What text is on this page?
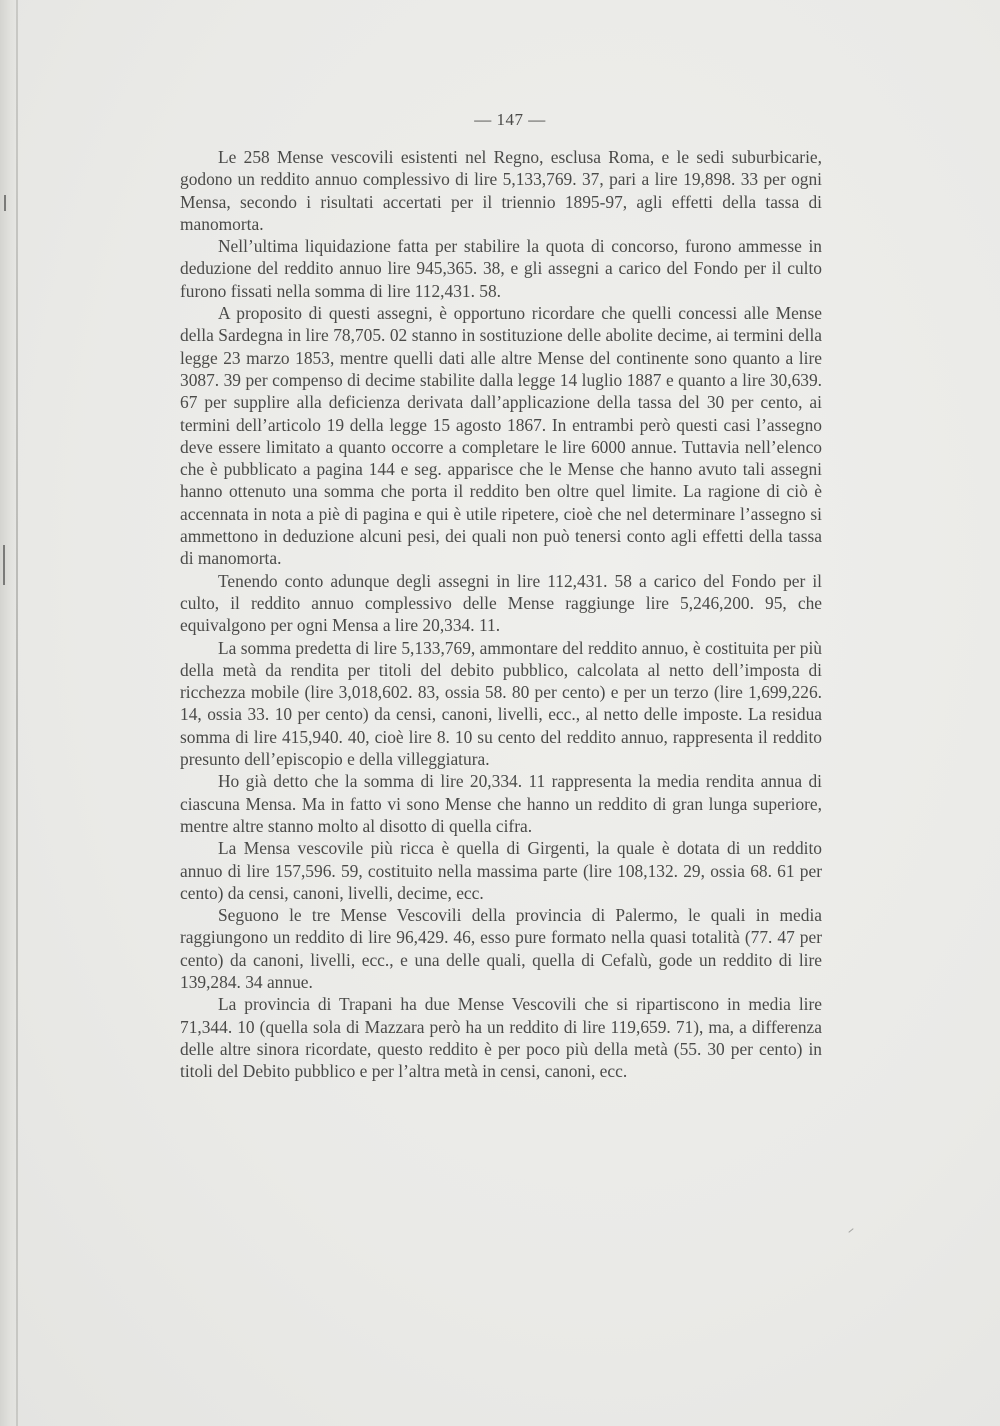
— 147 —

Le 258 Mense vescovili esistenti nel Regno, esclusa Roma, e le sedi suburbicarie, godono un reddito annuo complessivo di lire 5,133,769. 37, pari a lire 19,898. 33 per ogni Mensa, secondo i risultati accertati per il triennio 1895-97, agli effetti della tassa di manomorta.

Nell’ultima liquidazione fatta per stabilire la quota di concorso, furono ammesse in deduzione del reddito annuo lire 945,365. 38, e gli assegni a carico del Fondo per il culto furono fissati nella somma di lire 112,431. 58.

A proposito di questi assegni, è opportuno ricordare che quelli concessi alle Mense della Sardegna in lire 78,705. 02 stanno in sostituzione delle abolite decime, ai termini della legge 23 marzo 1853, mentre quelli dati alle altre Mense del continente sono quanto a lire 3087. 39 per compenso di decime stabilite dalla legge 14 luglio 1887 e quanto a lire 30,639. 67 per supplire alla deficienza derivata dall’applicazione della tassa del 30 per cento, ai termini dell’articolo 19 della legge 15 agosto 1867. In entrambi però questi casi l’assegno deve essere limitato a quanto occorre a completare le lire 6000 annue. Tuttavia nell’elenco che è pubblicato a pagina 144 e seg. apparisce che le Mense che hanno avuto tali assegni hanno ottenuto una somma che porta il reddito ben oltre quel limite. La ragione di ciò è accennata in nota a piè di pagina e qui è utile ripetere, cioè che nel determinare l’assegno si ammettono in deduzione alcuni pesi, dei quali non può tenersi conto agli effetti della tassa di manomorta.

Tenendo conto adunque degli assegni in lire 112,431. 58 a carico del Fondo per il culto, il reddito annuo complessivo delle Mense raggiunge lire 5,246,200. 95, che equivalgono per ogni Mensa a lire 20,334. 11.

La somma predetta di lire 5,133,769, ammontare del reddito annuo, è costituita per più della metà da rendita per titoli del debito pubblico, calcolata al netto dell’imposta di ricchezza mobile (lire 3,018,602. 83, ossia 58. 80 per cento) e per un terzo (lire 1,699,226. 14, ossia 33. 10 per cento) da censi, canoni, livelli, ecc., al netto delle imposte. La residua somma di lire 415,940. 40, cioè lire 8. 10 su cento del reddito annuo, rappresenta il reddito presunto dell’episcopio e della villeggiatura.

Ho già detto che la somma di lire 20,334. 11 rappresenta la media rendita annua di ciascuna Mensa. Ma in fatto vi sono Mense che hanno un reddito di gran lunga superiore, mentre altre stanno molto al disotto di quella cifra.

La Mensa vescovile più ricca è quella di Girgenti, la quale è dotata di un reddito annuo di lire 157,596. 59, costituito nella massima parte (lire 108,132. 29, ossia 68. 61 per cento) da censi, canoni, livelli, decime, ecc.

Seguono le tre Mense Vescovili della provincia di Palermo, le quali in media raggiungono un reddito di lire 96,429. 46, esso pure formato nella quasi totalità (77. 47 per cento) da canoni, livelli, ecc., e una delle quali, quella di Cefalù, gode un reddito di lire 139,284. 34 annue.

La provincia di Trapani ha due Mense Vescovili che si ripartiscono in media lire 71,344. 10 (quella sola di Mazzara però ha un reddito di lire 119,659. 71), ma, a differenza delle altre sinora ricordate, questo reddito è per poco più della metà (55. 30 per cento) in titoli del Debito pubblico e per l’altra metà in censi, canoni, ecc.
